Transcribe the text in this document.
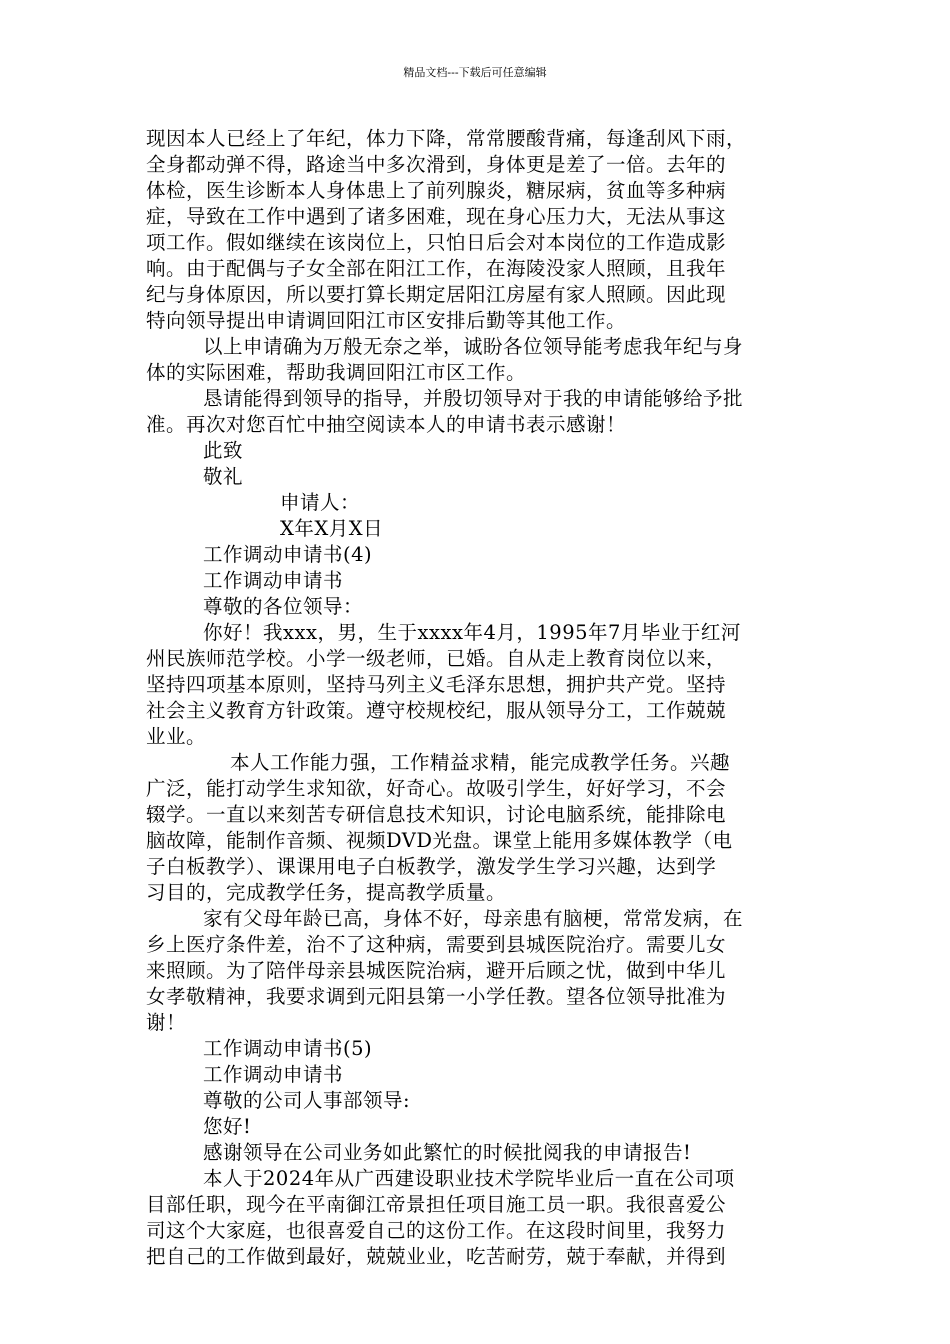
精品文档---下载后可任意编辑
现因本人已经上了年纪，体力下降，常常腰酸背痛，每逢刮风下雨，
全身都动弹不得，路途当中多次滑到，身体更是差了一倍。去年的
体检，医生诊断本人身体患上了前列腺炎，糖尿病，贫血等多种病
症，导致在工作中遇到了诸多困难，现在身心压力大，无法从事这
项工作。假如继续在该岗位上，只怕日后会对本岗位的工作造成影
响。由于配偶与子女全部在阳江工作，在海陵没家人照顾，且我年
纪与身体原因，所以要打算长期定居阳江房屋有家人照顾。因此现
特向领导提出申请调回阳江市区安排后勤等其他工作。
以上申请确为万般无奈之举，诚盼各位领导能考虑我年纪与身
体的实际困难，帮助我调回阳江市区工作。
恳请能得到领导的指导，并殷切领导对于我的申请能够给予批
准。再次对您百忙中抽空阅读本人的申请书表示感谢！
此致
敬礼
申请人：
X年X月X日
工作调动申请书(4)
工作调动申请书
尊敬的各位领导：
你好！我xxx，男，生于xxxx年4月，1995年7月毕业于红河
州民族师范学校。小学一级老师，已婚。自从走上教育岗位以来，
坚持四项基本原则，坚持马列主义毛泽东思想，拥护共产党。坚持
社会主义教育方针政策。遵守校规校纪，服从领导分工，工作兢兢
业业。
本人工作能力强，工作精益求精，能完成教学任务。兴趣
广泛，能打动学生求知欲，好奇心。故吸引学生，好好学习，不会
辍学。一直以来刻苦专研信息技术知识，讨论电脑系统，能排除电
脑故障，能制作音频、视频DVD光盘。课堂上能用多媒体教学（电
子白板教学）、课课用电子白板教学，激发学生学习兴趣，达到学
习目的，完成教学任务，提高教学质量。
家有父母年龄已高，身体不好，母亲患有脑梗，常常发病，在
乡上医疗条件差，治不了这种病，需要到县城医院治疗。需要儿女
来照顾。为了陪伴母亲县城医院治病，避开后顾之忧，做到中华儿
女孝敬精神，我要求调到元阳县第一小学任教。望各位领导批准为
谢！
工作调动申请书(5)
工作调动申请书
尊敬的公司人事部领导:
您好!
感谢领导在公司业务如此繁忙的时候批阅我的申请报告!
本人于2024年从广西建设职业技术学院毕业后一直在公司项
目部任职，现今在平南御江帝景担任项目施工员一职。我很喜爱公
司这个大家庭，也很喜爱自己的这份工作。在这段时间里，我努力
把自己的工作做到最好，兢兢业业，吃苦耐劳，兢于奉献，并得到
